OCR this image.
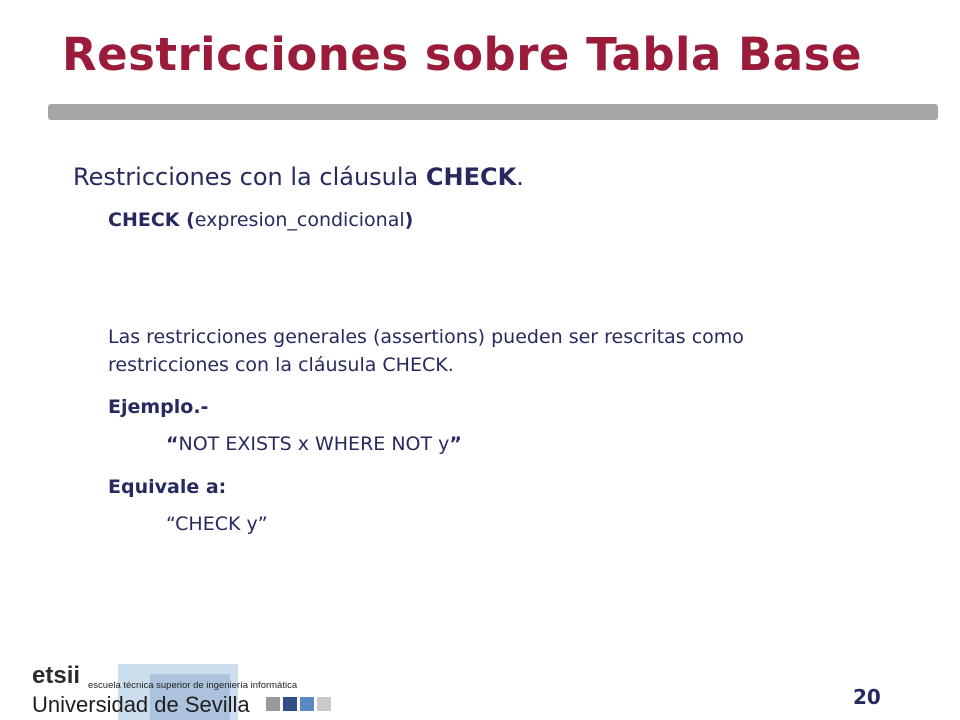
Restricciones sobre Tabla Base
Restricciones con la cláusula CHECK.
CHECK (expresion_condicional)
Las restricciones generales (assertions) pueden ser rescritas como
restricciones con la cláusula CHECK.
Ejemplo.-
“NOT EXISTS x WHERE NOT y”
Equivale a:
“CHECK y”
etsii escuela técnica superior de ingeniería informática
Universidad de Sevilla	20
